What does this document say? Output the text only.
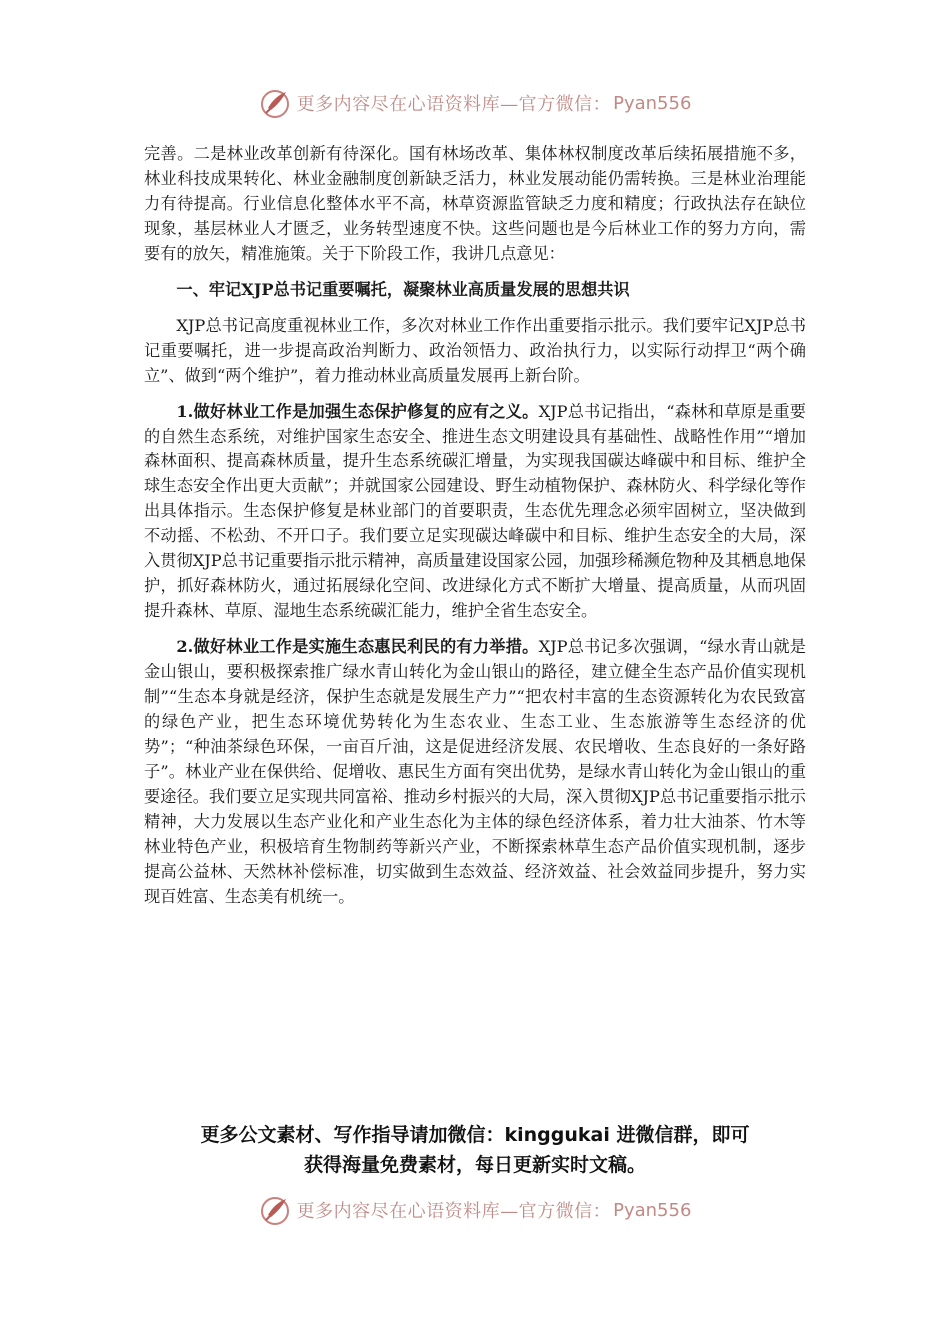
更多内容尽在心语资料库—官方微信： Pyan556

完善。二是林业改革创新有待深化。国有林场改革、集体林权制度改革后续拓展措施不多，林业科技成果转化、林业金融制度创新缺乏活力，林业发展动能仍需转换。三是林业治理能力有待提高。行业信息化整体水平不高，林草资源监管缺乏力度和精度；行政执法存在缺位现象，基层林业人才匮乏，业务转型速度不快。这些问题也是今后林业工作的努力方向，需要有的放矢，精准施策。关于下阶段工作，我讲几点意见：

一、牢记XJP总书记重要嘱托，凝聚林业高质量发展的思想共识

XJP总书记高度重视林业工作，多次对林业工作作出重要指示批示。我们要牢记XJP总书记重要嘱托，进一步提高政治判断力、政治领悟力、政治执行力，以实际行动捍卫“两个确立”、做到“两个维护”，着力推动林业高质量发展再上新台阶。

1.做好林业工作是加强生态保护修复的应有之义。XJP总书记指出，“森林和草原是重要的自然生态系统，对维护国家生态安全、推进生态文明建设具有基础性、战略性作用”“增加森林面积、提高森林质量，提升生态系统碳汇增量，为实现我国碳达峰碳中和目标、维护全球生态安全作出更大贡献”；并就国家公园建设、野生动植物保护、森林防火、科学绿化等作出具体指示。生态保护修复是林业部门的首要职责，生态优先理念必须牢固树立，坚决做到不动摇、不松劲、不开口子。我们要立足实现碳达峰碳中和目标、维护生态安全的大局，深入贯彻XJP总书记重要指示批示精神，高质量建设国家公园，加强珍稀濒危物种及其栖息地保护，抓好森林防火，通过拓展绿化空间、改进绿化方式不断扩大增量、提高质量，从而巩固提升森林、草原、湿地生态系统碳汇能力，维护全省生态安全。

2.做好林业工作是实施生态惠民利民的有力举措。XJP总书记多次强调，“绿水青山就是金山银山，要积极探索推广绿水青山转化为金山银山的路径，建立健全生态产品价值实现机制”“生态本身就是经济，保护生态就是发展生产力”“把农村丰富的生态资源转化为农民致富的绿色产业，把生态环境优势转化为生态农业、生态工业、生态旅游等生态经济的优势”；“种油茶绿色环保，一亩百斤油，这是促进经济发展、农民增收、生态良好的一条好路子”。林业产业在保供给、促增收、惠民生方面有突出优势，是绿水青山转化为金山银山的重要途径。我们要立足实现共同富裕、推动乡村振兴的大局，深入贯彻XJP总书记重要指示批示精神，大力发展以生态产业化和产业生态化为主体的绿色经济体系，着力壮大油茶、竹木等林业特色产业，积极培育生物制药等新兴产业，不断探索林草生态产品价值实现机制，逐步提高公益林、天然林补偿标准，切实做到生态效益、经济效益、社会效益同步提升，努力实现百姓富、生态美有机统一。

更多公文素材、写作指导请加微信：kinggukai 进微信群，即可
获得海量免费素材，每日更新实时文稿。
更多内容尽在心语资料库—官方微信： Pyan556
